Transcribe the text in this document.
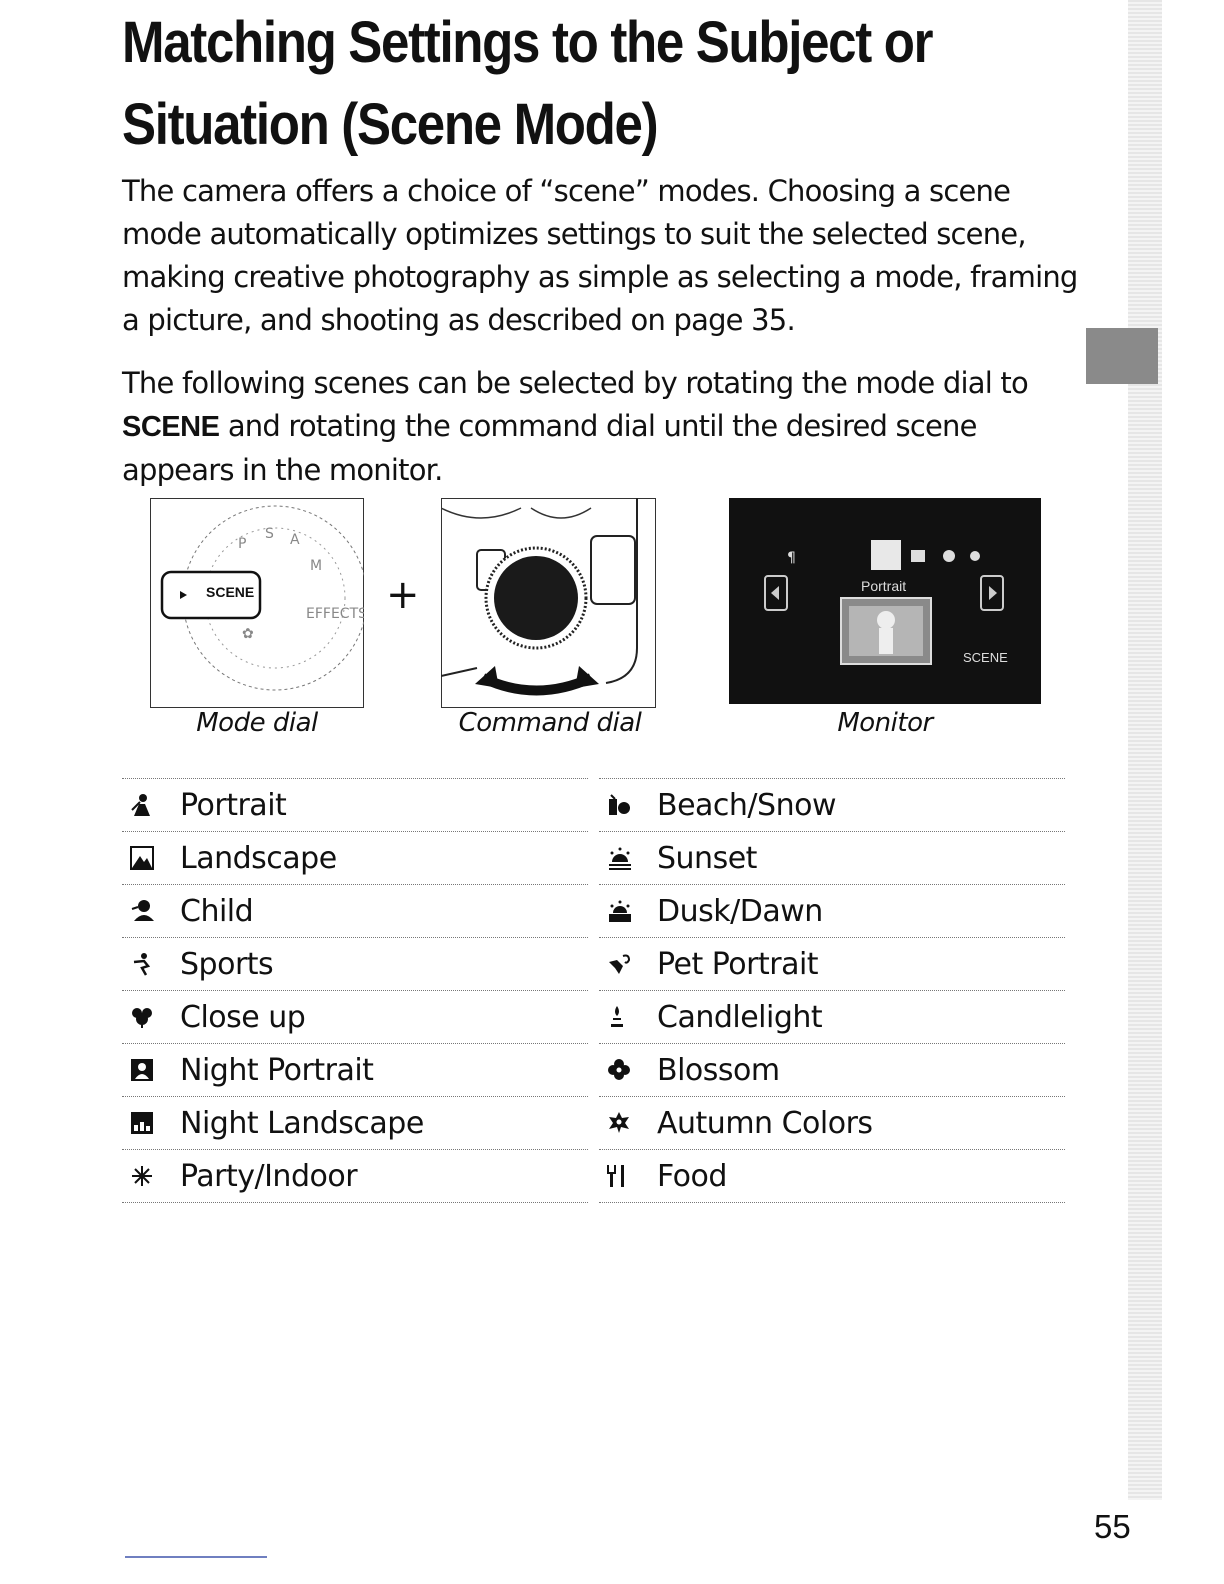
Matching Settings to the Subject or
Situation (Scene Mode)
The camera offers a choice of “scene” modes. Choosing a scene mode automatically optimizes settings to suit the selected scene, making creative photography as simple as selecting a mode, framing a picture, and shooting as described on page 35.
The following scenes can be selected by rotating the mode dial to SCENE and rotating the command dial until the desired scene appears in the monitor.
P
S A
M
EFFECTS
✿
SCENE	+
¶
Portrait
SCENE
Mode dial	Command dial	Monitor
Portrait
Landscape
Child
Sports
Close up
Night Portrait
Night Landscape
Party/Indoor
Beach/Snow
Sunset
Dusk/Dawn
Pet Portrait
Candlelight
Blossom
Autumn Colors
Food
55
